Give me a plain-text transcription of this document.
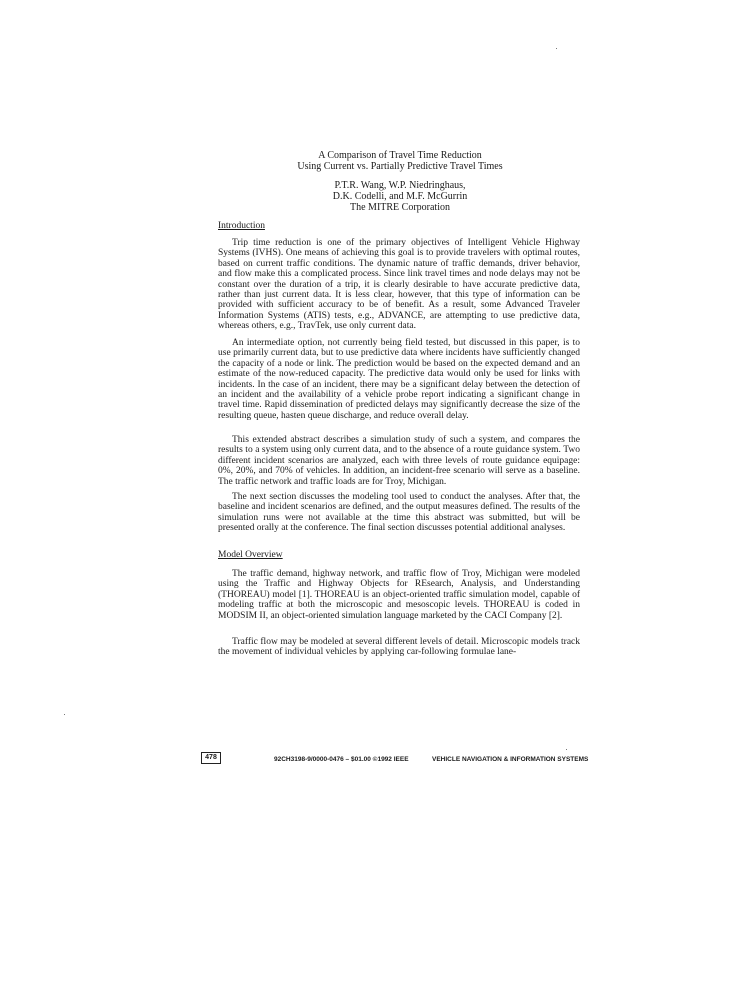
A Comparison of Travel Time Reduction
Using Current vs. Partially Predictive Travel Times
P.T.R. Wang, W.P. Niedringhaus,
D.K. Codelli, and M.F. McGurrin
The MITRE Corporation
Introduction

Trip time reduction is one of the primary objectives of Intelligent Vehicle Highway Systems (IVHS). One means of achieving this goal is to provide travelers with optimal routes, based on current traffic conditions. The dynamic nature of traffic demands, driver behavior, and flow make this a complicated process. Since link travel times and node delays may not be constant over the duration of a trip, it is clearly desirable to have accurate predictive data, rather than just current data. It is less clear, however, that this type of information can be provided with sufficient accuracy to be of benefit. As a result, some Advanced Traveler Information Systems (ATIS) tests, e.g., ADVANCE, are attempting to use predictive data, whereas others, e.g., TravTek, use only current data.

An intermediate option, not currently being field tested, but discussed in this paper, is to use primarily current data, but to use predictive data where incidents have sufficiently changed the capacity of a node or link. The prediction would be based on the expected demand and an estimate of the now-reduced capacity. The predictive data would only be used for links with incidents. In the case of an incident, there may be a significant delay between the detection of an incident and the availability of a vehicle probe report indicating a significant change in travel time. Rapid dissemination of predicted delays may significantly decrease the size of the resulting queue, hasten queue discharge, and reduce overall delay.

This extended abstract describes a simulation study of such a system, and compares the results to a system using only current data, and to the absence of a route guidance system. Two different incident scenarios are analyzed, each with three levels of route guidance equipage: 0%, 20%, and 70% of vehicles. In addition, an incident-free scenario will serve as a baseline. The traffic network and traffic loads are for Troy, Michigan.

The next section discusses the modeling tool used to conduct the analyses. After that, the baseline and incident scenarios are defined, and the output measures defined. The results of the simulation runs were not available at the time this abstract was submitted, but will be presented orally at the conference. The final section discusses potential additional analyses.

Model Overview

The traffic demand, highway network, and traffic flow of Troy, Michigan were modeled using the Traffic and Highway Objects for REsearch, Analysis, and Understanding (THOREAU) model [1]. THOREAU is an object-oriented traffic simulation model, capable of modeling traffic at both the microscopic and mesoscopic levels. THOREAU is coded in MODSIM II, an object-oriented simulation language marketed by the CACI Company [2].

Traffic flow may be modeled at several different levels of detail. Microscopic models track the movement of individual vehicles by applying car-following formulae lane-

478	92CH3198-9/0000-0476 – $01.00 ©1992 IEEE	VEHICLE NAVIGATION & INFORMATION SYSTEMS
